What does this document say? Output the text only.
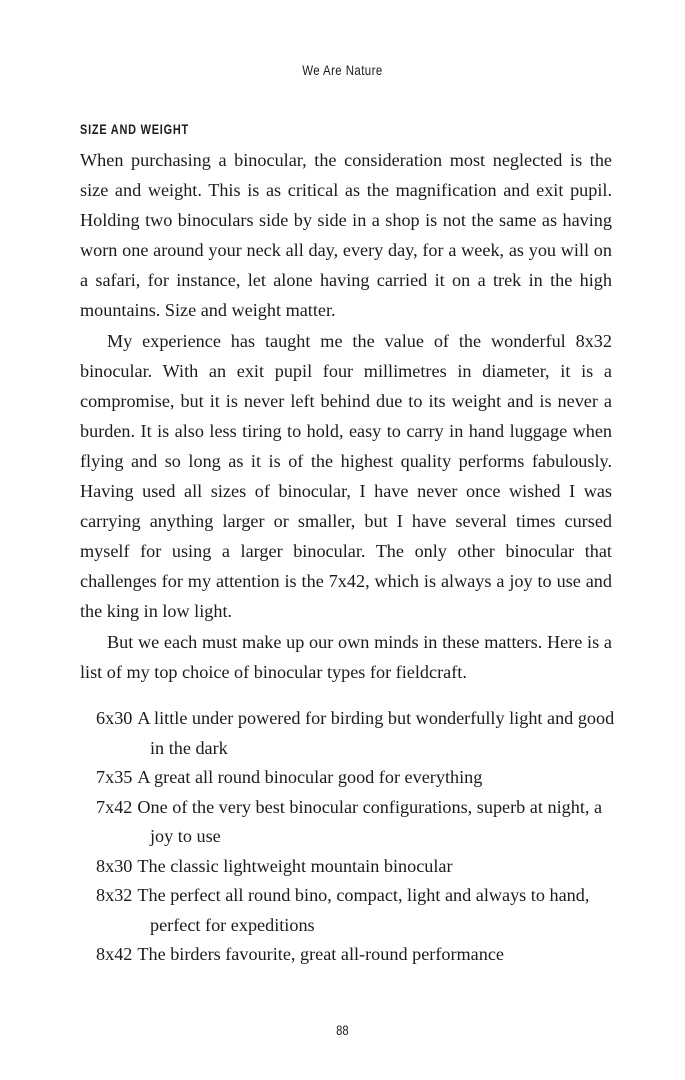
We Are Nature
SIZE AND WEIGHT

When purchasing a binocular, the consideration most neglected is the size and weight. This is as critical as the magnification and exit pupil. Holding two binoculars side by side in a shop is not the same as having worn one around your neck all day, every day, for a week, as you will on a safari, for instance, let alone having carried it on a trek in the high mountains. Size and weight matter.

My experience has taught me the value of the wonderful 8x32 binocular. With an exit pupil four millimetres in diameter, it is a compromise, but it is never left behind due to its weight and is never a burden. It is also less tiring to hold, easy to carry in hand luggage when flying and so long as it is of the highest quality performs fabulously. Having used all sizes of binocular, I have never once wished I was carrying anything larger or smaller, but I have several times cursed myself for using a larger binocular. The only other binocular that challenges for my attention is the 7x42, which is always a joy to use and the king in low light.

But we each must make up our own minds in these matters. Here is a list of my top choice of binocular types for fieldcraft.

6x30 A little under powered for birding but wonderfully light and good in the dark
7x35 A great all round binocular good for everything
7x42 One of the very best binocular configurations, superb at night, a joy to use
8x30 The classic lightweight mountain binocular
8x32 The perfect all round bino, compact, light and always to hand, perfect for expeditions
8x42 The birders favourite, great all-round performance
88
